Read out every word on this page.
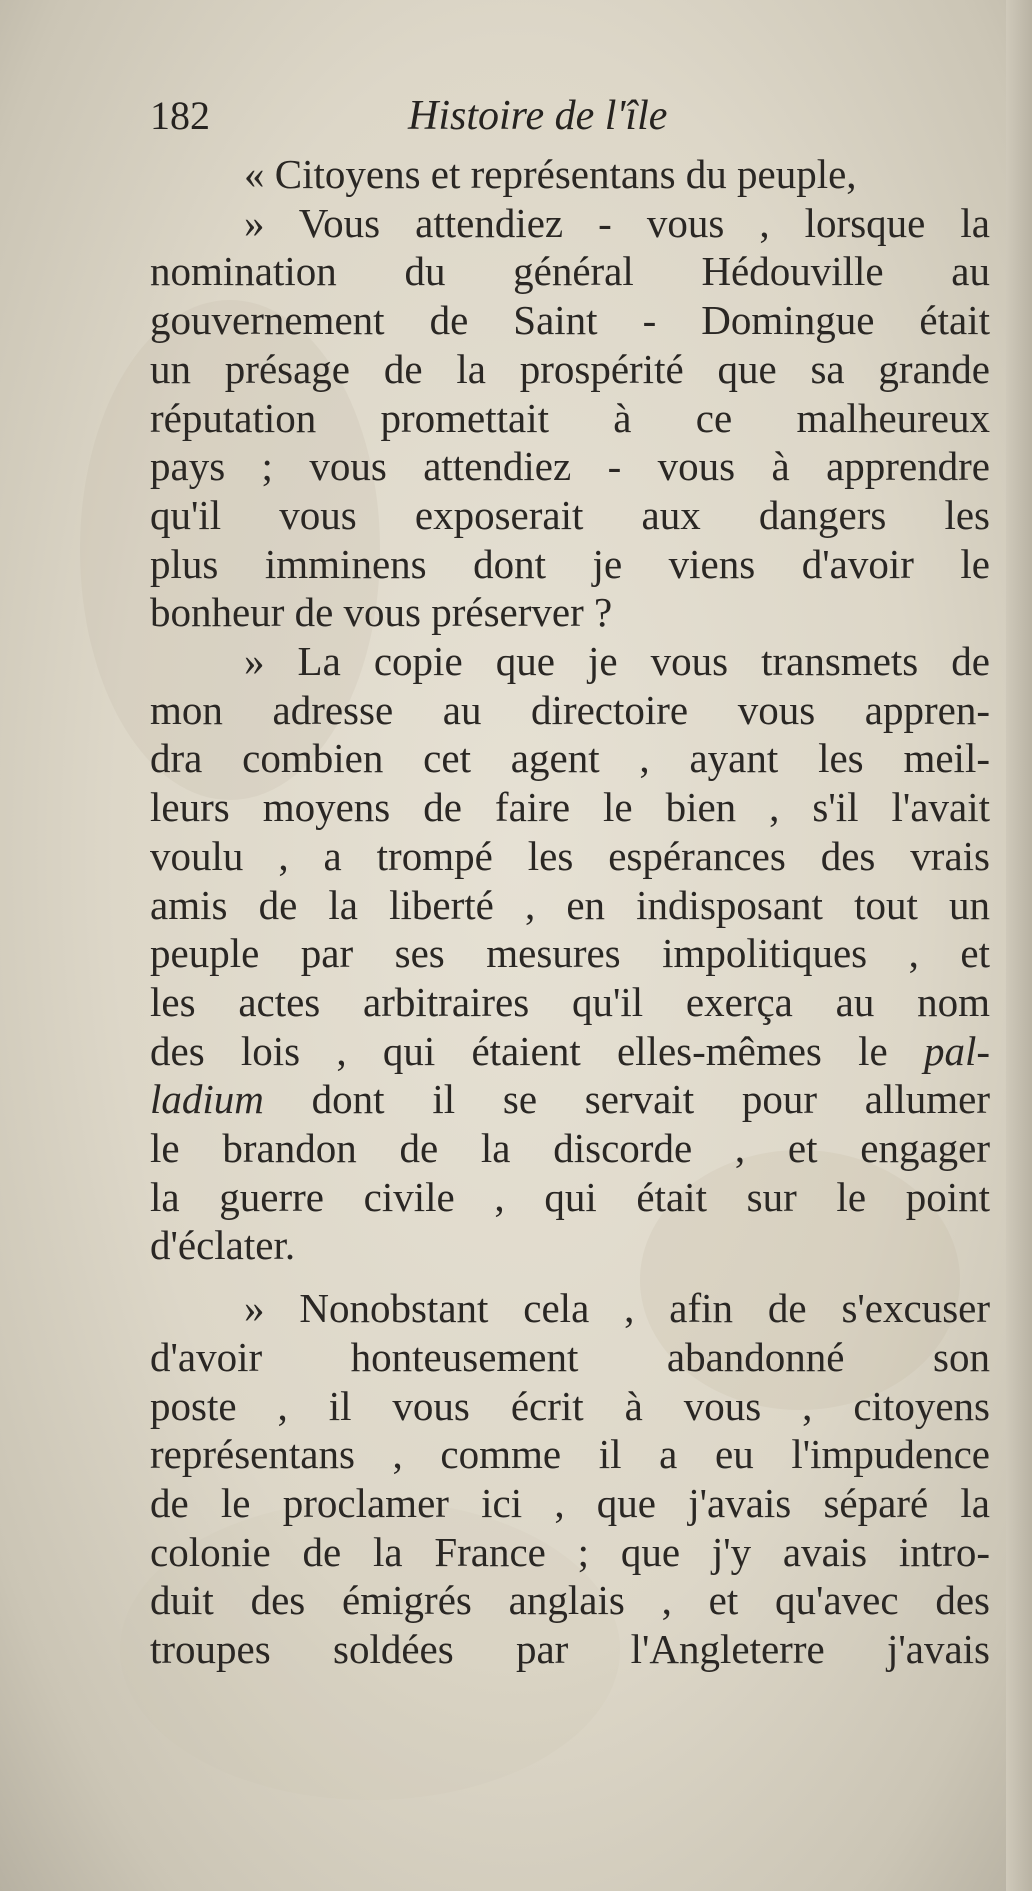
182	Histoire de l'île

« Citoyens et représentans du peuple,

» Vous attendiez - vous , lorsque la
nomination du général Hédouville au
gouvernement de Saint - Domingue était
un présage de la prospérité que sa grande
réputation promettait à ce malheureux
pays ; vous attendiez - vous à apprendre
qu'il vous exposerait aux dangers les
plus imminens dont je viens d'avoir le
bonheur de vous préserver ?

» La copie que je vous transmets de
mon adresse au directoire vous appren-
dra combien cet agent , ayant les meil-
leurs moyens de faire le bien , s'il l'avait
voulu , a trompé les espérances des vrais
amis de la liberté , en indisposant tout un
peuple par ses mesures impolitiques , et
les actes arbitraires qu'il exerça au nom
des lois , qui étaient elles-mêmes le pal-
ladium dont il se servait pour allumer
le brandon de la discorde , et engager
la guerre civile , qui était sur le point
d'éclater.

» Nonobstant cela , afin de s'excuser
d'avoir honteusement abandonné son
poste , il vous écrit à vous , citoyens
représentans , comme il a eu l'impudence
de le proclamer ici , que j'avais séparé la
colonie de la France ; que j'y avais intro-
duit des émigrés anglais , et qu'avec des
troupes soldées par l'Angleterre j'avais
